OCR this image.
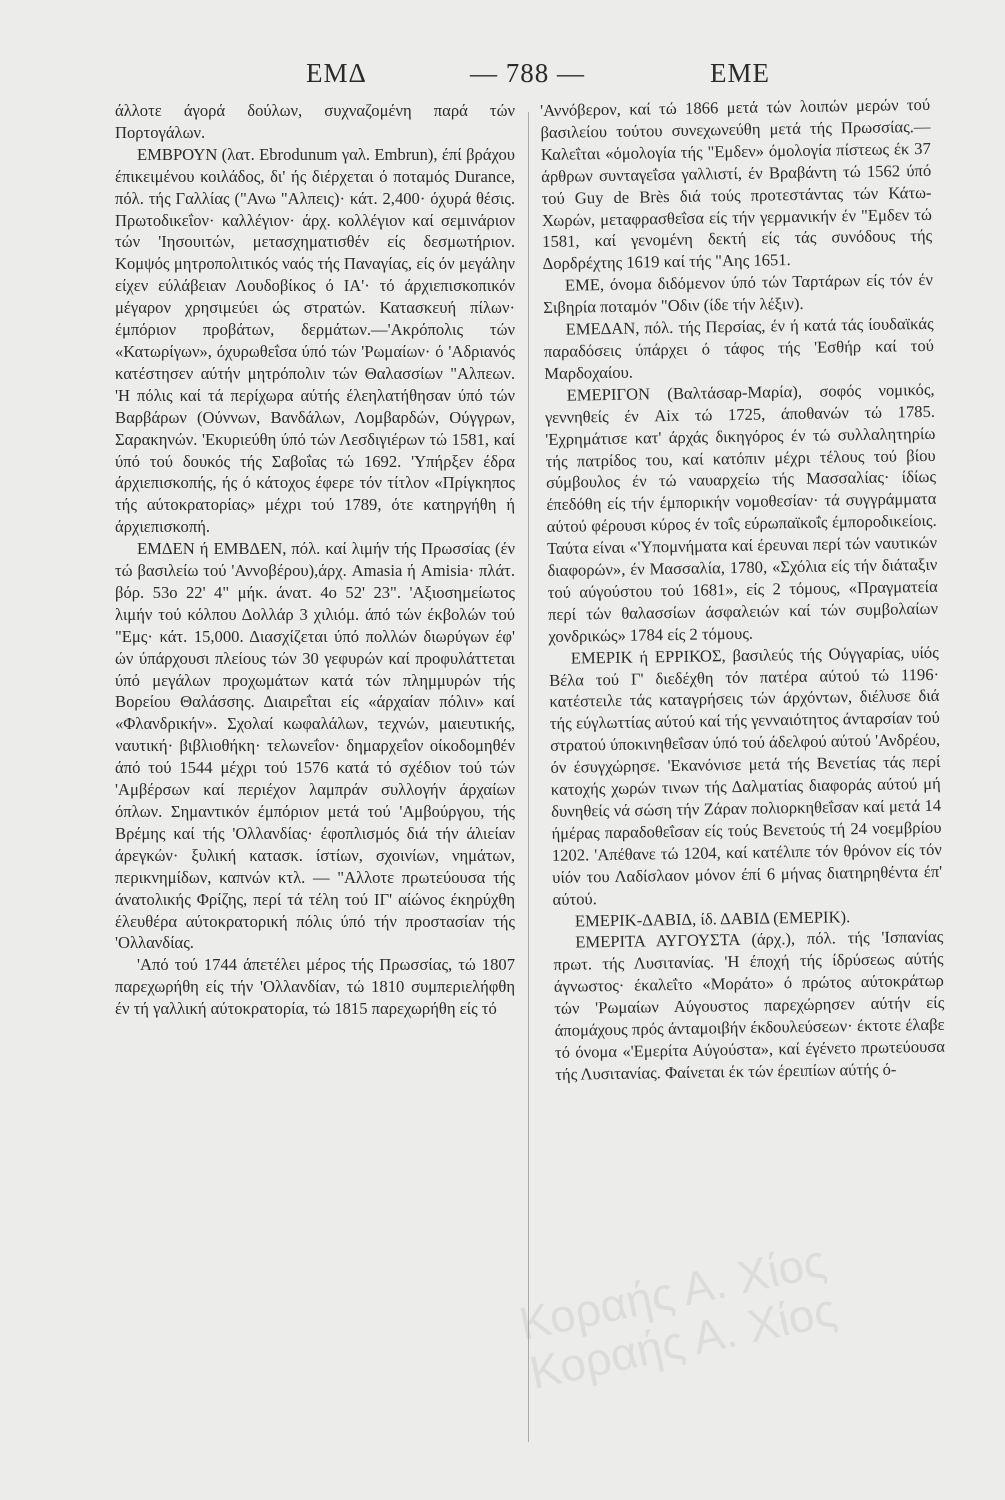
ΕΜΔ	— 788 —	ΕΜΕ

άλλοτε άγορά δούλων, συχναζομένη παρά τών Πορτογάλων.

ΕΜΒΡΟΥΝ (λατ. Ebrodunum γαλ. Embrun), έπί βράχου έπικειμένου κοιλάδος, δι' ής διέρχεται ό ποταμός Durance, πόλ. τής Γαλλίας ("Ανω "Αλπεις)· κάτ. 2,400· όχυρά θέσις. Πρωτοδικεΐον· καλλέγιον· άρχ. κολλέγιον καί σεμινάριον τών 'Ιησουιτών, μετασχηματισθέν είς δεσμωτήριον. Κομψός μητροπολιτικός ναός τής Παναγίας, είς όν μεγάλην είχεν εύλάβειαν Λουδοβίκος ό ΙΑ'· τό άρχιεπισκοπικόν μέγαρον χρησιμεύει ώς στρατών. Κατασκευή πίλων· έμπόριον προβάτων, δερμάτων.—'Ακρόπολις τών «Κατωρίγων», όχυρωθεΐσα ύπό τών 'Ρωμαίων· ό 'Αδριανός κατέστησεν αύτήν μητρόπολιν τών Θαλασσίων "Αλπεων. 'Η πόλις καί τά περίχωρα αύτής έλεηλατήθησαν ύπό τών Βαρβάρων (Ούννων, Βανδάλων, Λομβαρδών, Ούγγρων, Σαρακηνών. 'Εκυριεύθη ύπό τών Λεσδιγιέρων τώ 1581, καί ύπό τού δουκός τής Σαβοΐας τώ 1692. 'Υπήρξεν έδρα άρχιεπισκοπής, ής ό κάτοχος έφερε τόν τίτλον «Πρίγκηπος τής αύτοκρατορίας» μέχρι τού 1789, ότε κατηργήθη ή άρχιεπισκοπή.

ΕΜΔΕΝ ή ΕΜΒΔΕΝ, πόλ. καί λιμήν τής Πρωσσίας (έν τώ βασιλείω τού 'Αννοβέρου),άρχ. Amasia ή Amisia· πλάτ. βόρ. 53ο 22' 4" μήκ. άνατ. 4ο 52' 23". 'Αξιοσημείωτος λιμήν τού κόλπου Δολλάρ 3 χιλιόμ. άπό τών έκβολών τού "Εμς· κάτ. 15,000. Διασχίζεται ύπό πολλών διωρύγων έφ' ών ύπάρχουσι πλείους τών 30 γεφυρών καί προφυλάττεται ύπό μεγάλων προχωμάτων κατά τών πλημμυρών τής Βορείου Θαλάσσης. Διαιρεΐται είς «άρχαίαν πόλιν» καί «Φλανδρικήν». Σχολαί κωφαλάλων, τεχνών, μαιευτικής, ναυτική· βιβλιοθήκη· τελωνεΐον· δημαρχεΐον οίκοδομηθέν άπό τού 1544 μέχρι τού 1576 κατά τό σχέδιον τού τών 'Αμβέρσων καί περιέχον λαμπράν συλλογήν άρχαίων όπλων. Σημαντικόν έμπόριον μετά τού 'Αμβούργου, τής Βρέμης καί τής 'Ολλανδίας· έφοπλισμός διά τήν άλιείαν άρεγκών· ξυλική κατασκ. ίστίων, σχοινίων, νημάτων, περικνημίδων, καπνών κτλ. — "Αλλοτε πρωτεύουσα τής άνατολικής Φρίζης, περί τά τέλη τού ΙΓ' αίώνος έκηρύχθη έλευθέρα αύτοκρατορική πόλις ύπό τήν προστασίαν τής 'Ολλανδίας.

'Από τού 1744 άπετέλει μέρος τής Πρωσσίας, τώ 1807 παρεχωρήθη είς τήν 'Ολλανδίαν, τώ 1810 συμπεριελήφθη έν τή γαλλική αύτοκρατορία, τώ 1815 παρεχωρήθη είς τό

'Αννόβερον, καί τώ 1866 μετά τών λοιπών μερών τού βασιλείου τούτου συνεχωνεύθη μετά τής Πρωσσίας.—Καλεΐται «όμολογία τής "Εμδεν» όμολογία πίστεως έκ 37 άρθρων συνταγεΐσα γαλλιστί, έν Βραβάντη τώ 1562 ύπό τού Guy de Brès διά τούς προτεστάντας τών Κάτω-Χωρών, μεταφρασθεΐσα είς τήν γερμανικήν έν "Εμδεν τώ 1581, καί γενομένη δεκτή είς τάς συνόδους τής Δορδρέχτης 1619 καί τής "Αης 1651.

ΕΜΕ, όνομα διδόμενον ύπό τών Ταρτάρων είς τόν έν Σιβηρία ποταμόν "Οδιν (ίδε τήν λέξιν).

ΕΜΕΔΑΝ, πόλ. τής Περσίας, έν ή κατά τάς ίουδαϊκάς παραδόσεις ύπάρχει ό τάφος τής 'Εσθήρ καί τού Μαρδοχαίου.

ΕΜΕΡΙΓΟΝ (Βαλτάσαρ-Μαρία), σοφός νομικός, γεννηθείς έν Aix τώ 1725, άποθανών τώ 1785. 'Εχρημάτισε κατ' άρχάς δικηγόρος έν τώ συλλαλητηρίω τής πατρίδος του, καί κατόπιν μέχρι τέλους τού βίου σύμβουλος έν τώ ναυαρχείω τής Μασσαλίας· ίδίως έπεδόθη είς τήν έμπορικήν νομοθεσίαν· τά συγγράμματα αύτού φέρουσι κύρος έν τοΐς εύρωπαϊκοΐς έμποροδικείοις. Ταύτα είναι «'Υπομνήματα καί έρευναι περί τών ναυτικών διαφορών», έν Μασσαλία, 1780, «Σχόλια είς τήν διάταξιν τού αύγούστου τού 1681», είς 2 τόμους, «Πραγματεία περί τών θαλασσίων άσφαλειών καί τών συμβολαίων χονδρικώς» 1784 είς 2 τόμους.

ΕΜΕΡΙΚ ή ΕΡΡΙΚΟΣ, βασιλεύς τής Ούγγαρίας, υίός Βέλα τού Γ' διεδέχθη τόν πατέρα αύτού τώ 1196· κατέστειλε τάς καταγρήσεις τών άρχόντων, διέλυσε διά τής εύγλωττίας αύτού καί τής γενναιότητος άνταρσίαν τού στρατού ύποκινηθεΐσαν ύπό τού άδελφού αύτού 'Ανδρέου, όν έσυγχώρησε. 'Εκανόνισε μετά τής Βενετίας τάς περί κατοχής χωρών τινων τής Δαλματίας διαφοράς αύτού μή δυνηθείς νά σώση τήν Ζάραν πολιορκηθεΐσαν καί μετά 14 ήμέρας παραδοθεΐσαν είς τούς Βενετούς τή 24 νοεμβρίου 1202. 'Απέθανε τώ 1204, καί κατέλιπε τόν θρόνον είς τόν υίόν του Λαδίσλαον μόνον έπί 6 μήνας διατηρηθέντα έπ' αύτού.

ΕΜΕΡΙΚ-ΔΑΒΙΔ, ίδ. ΔΑΒΙΔ (ΕΜΕΡΙΚ).

ΕΜΕΡΙΤΑ ΑΥΓΟΥΣΤΑ (άρχ.), πόλ. τής 'Ισπανίας πρωτ. τής Λυσιτανίας. 'Η έποχή τής ίδρύσεως αύτής άγνωστος· έκαλεΐτο «Μοράτο» ό πρώτος αύτοκράτωρ τών 'Ρωμαίων Αύγουστος παρεχώρησεν αύτήν είς άπομάχους πρός άνταμοιβήν έκδουλεύσεων· έκτοτε έλαβε τό όνομα «'Εμερίτα Αύγούστα», καί έγένετο πρωτεύουσα τής Λυσιτανίας. Φαίνεται έκ τών έρειπίων αύτής ό-

Κοραής Α. Χίος
Κοραής Α. Χίος
